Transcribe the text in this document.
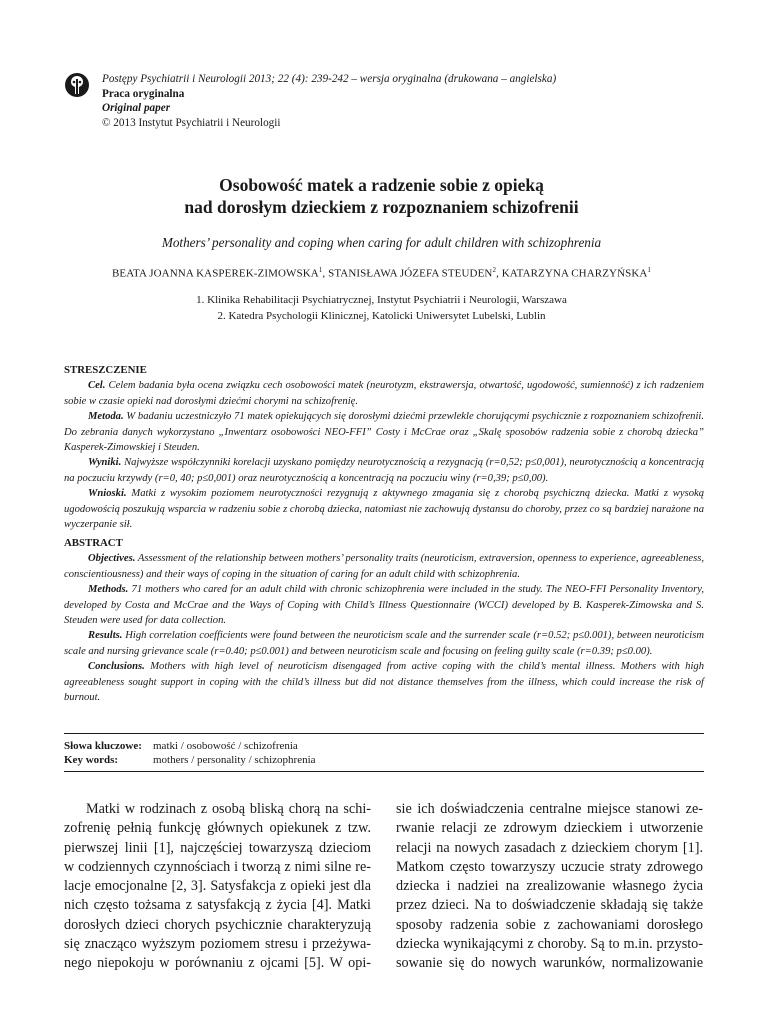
Postępy Psychiatrii i Neurologii 2013; 22 (4): 239-242 – wersja oryginalna (drukowana – angielska)
Praca oryginalna
Original paper
© 2013 Instytut Psychiatrii i Neurologii
Osobowość matek a radzenie sobie z opieką
nad dorosłym dzieckiem z rozpoznaniem schizofrenii
Mothers’ personality and coping when caring for adult children with schizophrenia
BEATA JOANNA KASPEREK-ZIMOWSKA$^1$, STANISŁAWA JÓZEFA STEUDEN$^2$, KATARZYNA CHARZYŃSKA$^1$
1. Klinika Rehabilitacji Psychiatrycznej, Instytut Psychiatrii i Neurologii, Warszawa
2. Katedra Psychologii Klinicznej, Katolicki Uniwersytet Lubelski, Lublin
STRESZCZENIE

Cel. Celem badania była ocena związku cech osobowości matek (neurotyzm, ekstrawersja, otwartość, ugodowość, sumienność) z ich radzeniem sobie w czasie opieki nad dorosłymi dziećmi chorymi na schizofrenię.

Metoda. W badaniu uczestniczyło 71 matek opiekujących się dorosłymi dziećmi przewlekle chorującymi psychicznie z rozpoznaniem schizofrenii. Do zebrania danych wykorzystano „Inwentarz osobowości NEO-FFI” Costy i McCrae oraz „Skalę sposobów radzenia sobie z chorobą dziecka” Kasperek-Zimowskiej i Steuden.

Wyniki. Najwyższe współczynniki korelacji uzyskano pomiędzy neurotycznością a rezygnacją (r=0,52; p≤0,001), neurotycznością a koncentracją na poczuciu krzywdy (r=0, 40; p≤0,001) oraz neurotycznością a koncentracją na poczuciu winy (r=0,39; p≤0,00).

Wnioski. Matki z wysokim poziomem neurotyczności rezygnują z aktywnego zmagania się z chorobą psychiczną dziecka. Matki z wysoką ugodowością poszukują wsparcia w radzeniu sobie z chorobą dziecka, natomiast nie zachowują dystansu do choroby, przez co są bardziej narażone na wyczerpanie sił.

ABSTRACT

Objectives. Assessment of the relationship between mothers’ personality traits (neuroticism, extraversion, openness to experience, agreeableness, conscientiousness) and their ways of coping in the situation of caring for an adult child with schizophrenia.

Methods. 71 mothers who cared for an adult child with chronic schizophrenia were included in the study. The NEO-FFI Personality Inventory, developed by Costa and McCrae and the Ways of Coping with Child’s Illness Questionnaire (WCCI) developed by B. Kasperek-Zimowska and S. Steuden were used for data collection.

Results. High correlation coefficients were found between the neuroticism scale and the surrender scale (r=0.52; p≤0.001), between neuroticism scale and nursing grievance scale (r=0.40; p≤0.001) and between neuroticism scale and focusing on feeling guilty scale (r=0.39; p≤0.00).

Conclusions. Mothers with high level of neuroticism disengaged from active coping with the child’s mental illness. Mothers with high agreeableness sought support in coping with the child’s illness but did not distance themselves from the illness, which could increase the risk of burnout.

Słowa kluczowe: matki / osobowość / schizofrenia
Key words:	mothers / personality / schizophrenia
Matki w rodzinach z osobą bliską chorą na schi-
zofrenię pełnią funkcję głównych opiekunek z tzw.
pierwszej linii [1], najczęściej towarzyszą dzieciom
w codziennych czynnościach i tworzą z nimi silne re-
lacje emocjonalne [2, 3]. Satysfakcja z opieki jest dla
nich często tożsama z satysfakcją z życia [4]. Matki
dorosłych dzieci chorych psychicznie charakteryzują
się znacząco wyższym poziomem stresu i przeżywa-
nego niepokoju w porównaniu z ojcami [5]. W opi-
sie ich doświadczenia centralne miejsce stanowi ze-
rwanie relacji ze zdrowym dzieckiem i utworzenie
relacji na nowych zasadach z dzieckiem chorym [1].
Matkom często towarzyszy uczucie straty zdrowego
dziecka i nadziei na zrealizowanie własnego życia
przez dzieci. Na to doświadczenie składają się także
sposoby radzenia sobie z zachowaniami dorosłego
dziecka wynikającymi z choroby. Są to m.in. przysto-
sowanie się do nowych warunków, normalizowanie
